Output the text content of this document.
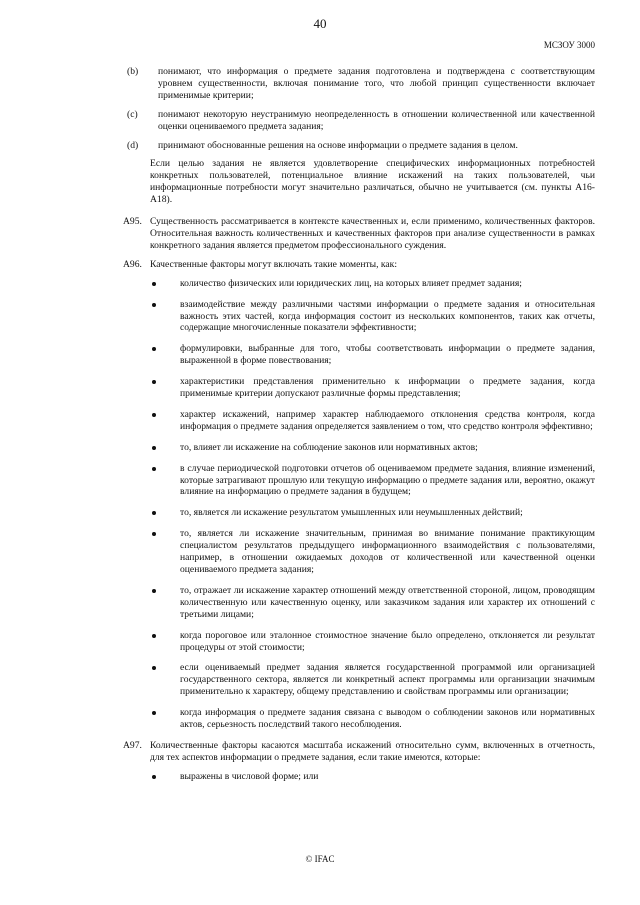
40
МСЗОУ 3000
(b) понимают, что информация о предмете задания подготовлена и подтверждена с соответствующим уровнем существенности, включая понимание того, что любой принцип существенности включает применимые критерии;
(c) понимают некоторую неустранимую неопределенность в отношении количественной или качественной оценки оцениваемого предмета задания;
(d) принимают обоснованные решения на основе информации о предмете задания в целом.
Если целью задания не является удовлетворение специфических информационных потребностей конкретных пользователей, потенциальное влияние искажений на таких пользователей, чьи информационные потребности могут значительно различаться, обычно не учитывается (см. пункты A16-A18).
A95. Существенность рассматривается в контексте качественных и, если применимо, количественных факторов. Относительная важность количественных и качественных факторов при анализе существенности в рамках конкретного задания является предметом профессионального суждения.
A96. Качественные факторы могут включать такие моменты, как:
количество физических или юридических лиц, на которых влияет предмет задания;
взаимодействие между различными частями информации о предмете задания и относительная важность этих частей, когда информация состоит из нескольких компонентов, таких как отчеты, содержащие многочисленные показатели эффективности;
формулировки, выбранные для того, чтобы соответствовать информации о предмете задания, выраженной в форме повествования;
характеристики представления применительно к информации о предмете задания, когда применимые критерии допускают различные формы представления;
характер искажений, например характер наблюдаемого отклонения средства контроля, когда информация о предмете задания определяется заявлением о том, что средство контроля эффективно;
то, влияет ли искажение на соблюдение законов или нормативных актов;
в случае периодической подготовки отчетов об оцениваемом предмете задания, влияние изменений, которые затрагивают прошлую или текущую информацию о предмете задания или, вероятно, окажут влияние на информацию о предмете задания в будущем;
то, является ли искажение результатом умышленных или неумышленных действий;
то, является ли искажение значительным, принимая во внимание понимание практикующим специалистом результатов предыдущего информационного взаимодействия с пользователями, например, в отношении ожидаемых доходов от количественной или качественной оценки оцениваемого предмета задания;
то, отражает ли искажение характер отношений между ответственной стороной, лицом, проводящим количественную или качественную оценку, или заказчиком задания или характер их отношений с третьими лицами;
когда пороговое или эталонное стоимостное значение было определено, отклоняется ли результат процедуры от этой стоимости;
если оцениваемый предмет задания является государственной программой или организацией государственного сектора, является ли конкретный аспект программы или организации значимым применительно к характеру, общему представлению и свойствам программы или организации;
когда информация о предмете задания связана с выводом о соблюдении законов или нормативных актов, серьезность последствий такого несоблюдения.
A97. Количественные факторы касаются масштаба искажений относительно сумм, включенных в отчетность, для тех аспектов информации о предмете задания, если такие имеются, которые:
выражены в числовой форме; или
© IFAC
